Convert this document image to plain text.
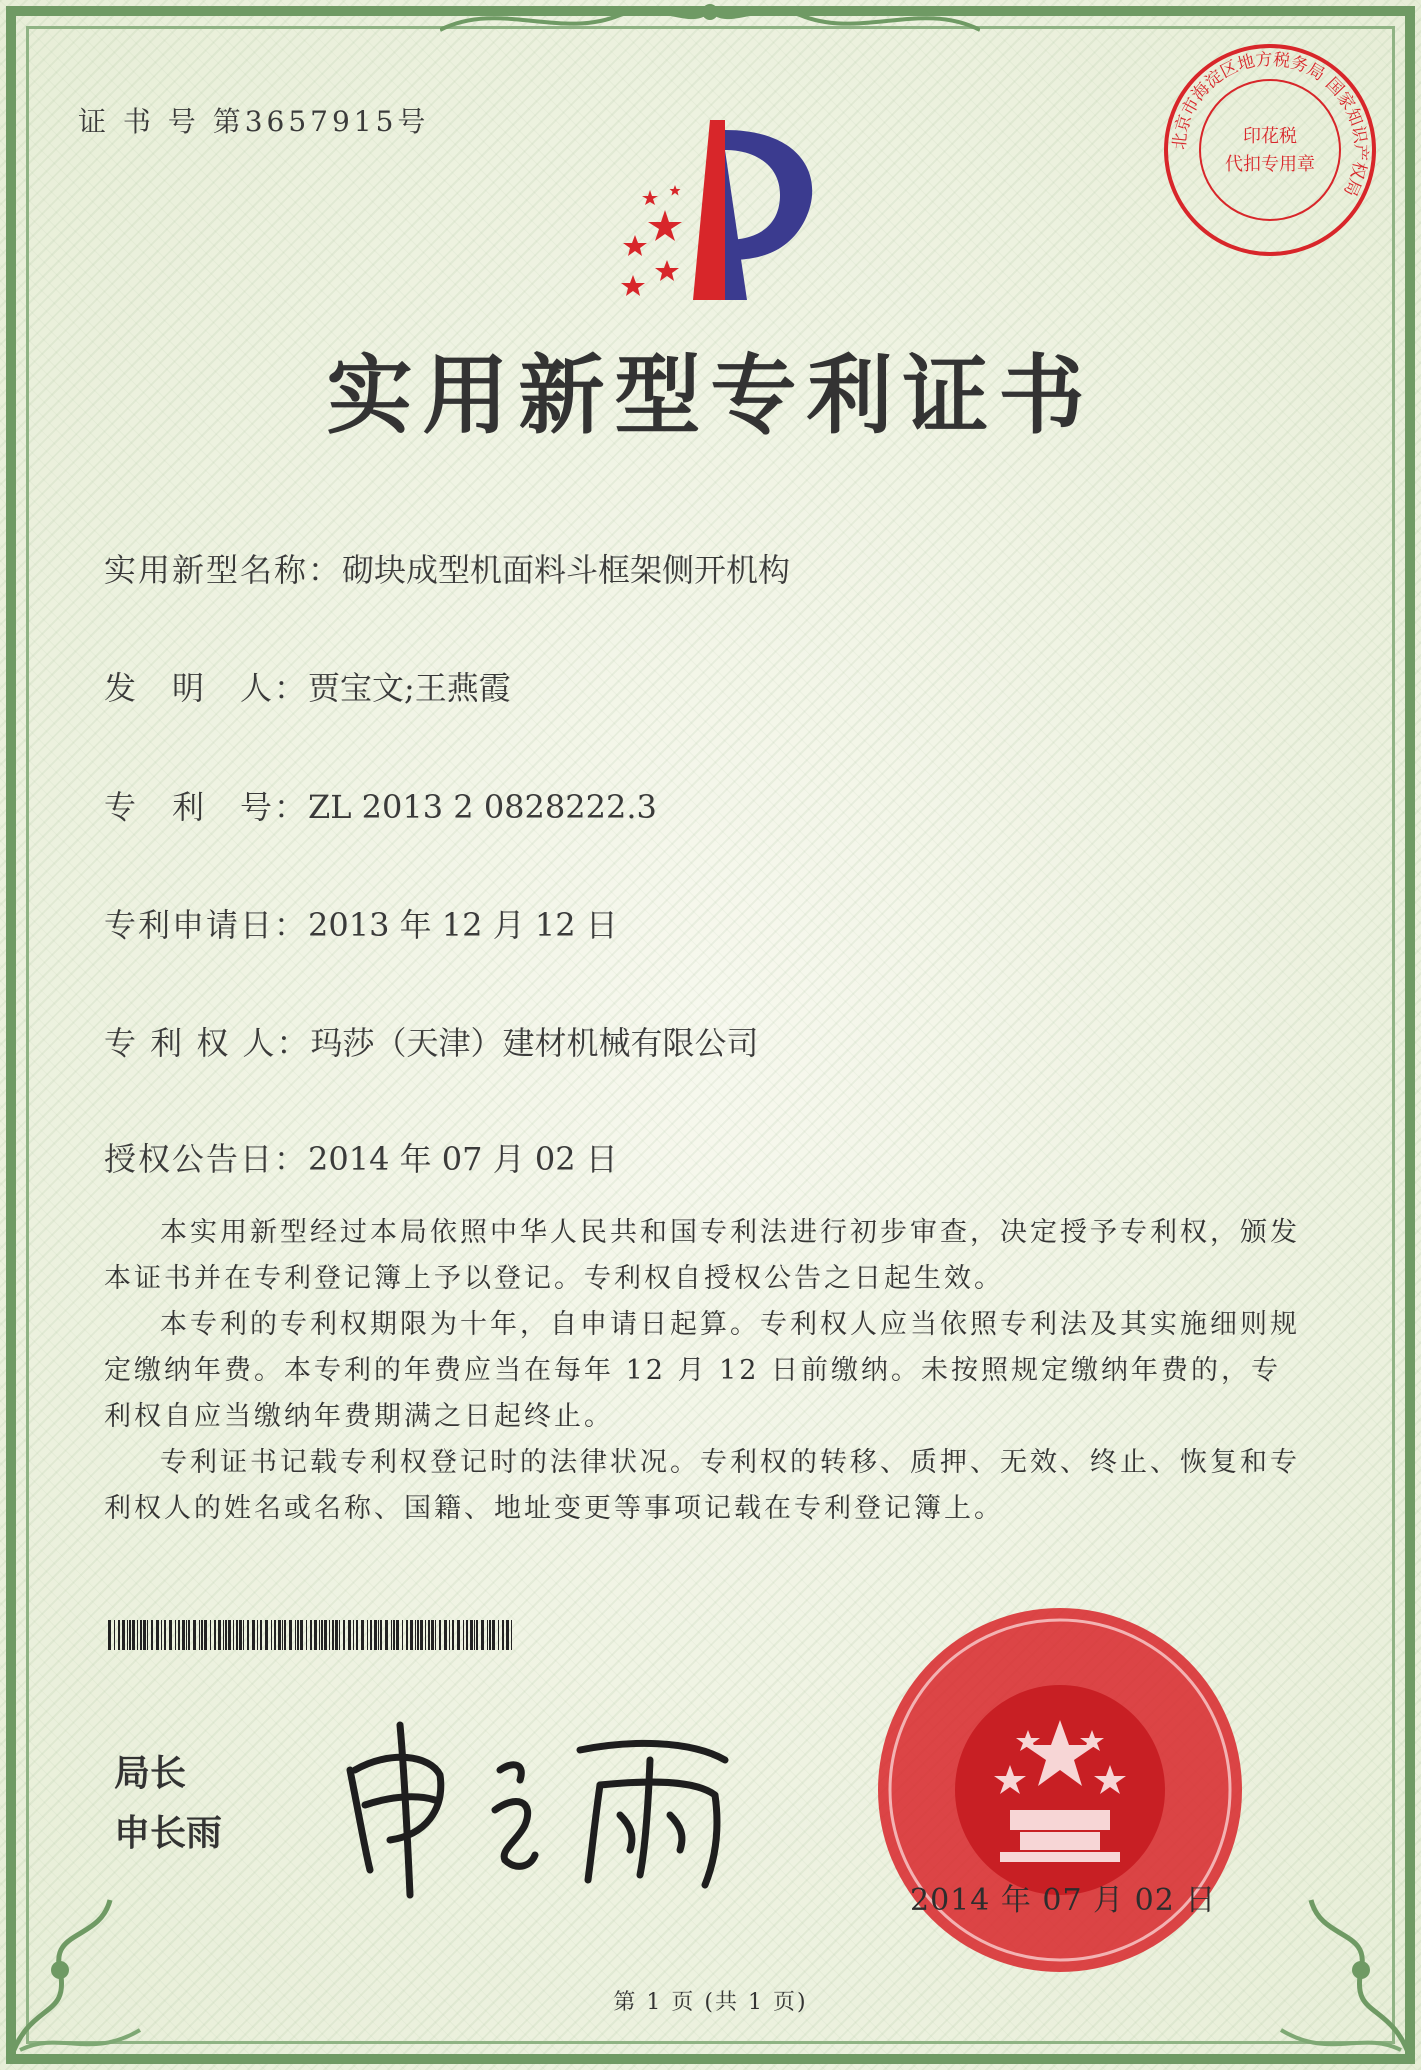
证 书 号 第3657915号
北京市海淀区地方税务局 国家知识产权局
印花税
代扣专用章
实用新型专利证书
实用新型名称：砌块成型机面料斗框架侧开机构
发　明　人：贾宝文;王燕霞
专　利　号：ZL 2013 2 0828222.3
专利申请日：2013 年 12 月 12 日
专 利 权 人：玛莎（天津）建材机械有限公司
授权公告日：2014 年 07 月 02 日

本实用新型经过本局依照中华人民共和国专利法进行初步审查，决定授予专利权，颁发本证书并在专利登记簿上予以登记。专利权自授权公告之日起生效。

本专利的专利权期限为十年，自申请日起算。专利权人应当依照专利法及其实施细则规定缴纳年费。本专利的年费应当在每年 12 月 12 日前缴纳。未按照规定缴纳年费的，专利权自应当缴纳年费期满之日起终止。

专利证书记载专利权登记时的法律状况。专利权的转移、质押、无效、终止、恢复和专利权人的姓名或名称、国籍、地址变更等事项记载在专利登记簿上。

局长
申长雨
2014 年 07 月 02 日
第 1 页 (共 1 页)
